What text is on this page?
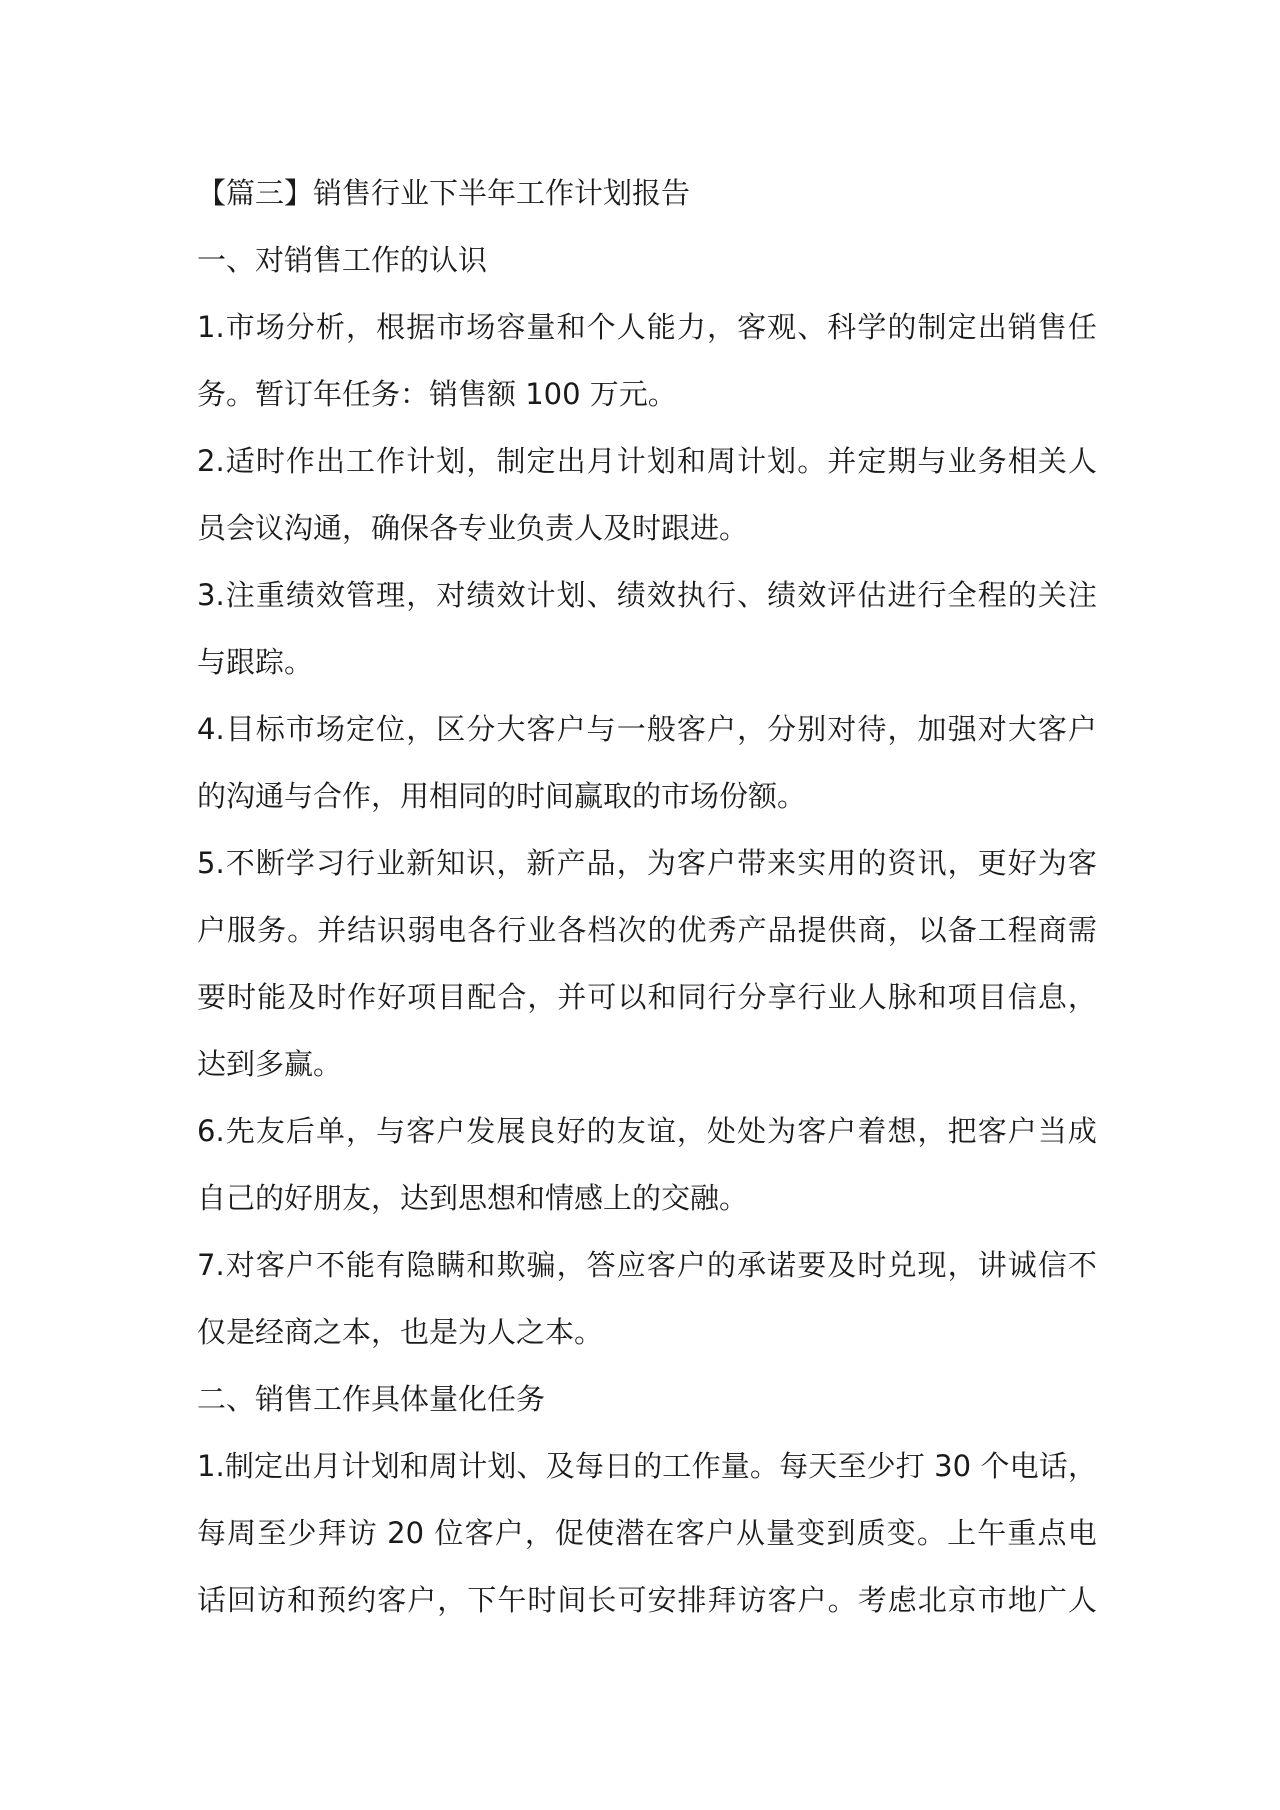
【篇三】销售行业下半年工作计划报告
一、对销售工作的认识
1. 市 场 分 析 ， 根 据 市 场 容 量 和 个 人 能 力 ， 客 观 、 科 学 的 制 定 出 销 售 任
务。暂订年任务：销售额 100 万元。
2. 适 时 作 出 工 作 计 划 ， 制 定 出 月 计 划 和 周 计 划 。 并 定 期 与 业 务 相 关 人
员会议沟通，确保各专业负责人及时跟进。
3. 注 重 绩 效 管 理 ， 对 绩 效 计 划 、 绩 效 执 行 、 绩 效 评 估 进 行 全 程 的 关 注
与跟踪。
4. 目 标 市 场 定 位 ， 区 分 大 客 户 与 一 般 客 户 ， 分 别 对 待 ， 加 强 对 大 客 户
的沟通与合作，用相同的时间赢取的市场份额。
5. 不 断 学 习 行 业 新 知 识 ， 新 产 品 ， 为 客 户 带 来 实 用 的 资 讯 ， 更 好 为 客
户 服 务 。 并 结 识 弱 电 各 行 业 各 档 次 的 优 秀 产 品 提 供 商 ， 以 备 工 程 商 需
要 时 能 及 时 作 好 项 目 配 合 ， 并 可 以 和 同 行 分 享 行 业 人 脉 和 项 目 信 息 ，
达到多赢。
6. 先 友 后 单 ， 与 客 户 发 展 良 好 的 友 谊 ， 处 处 为 客 户 着 想 ， 把 客 户 当 成
自己的好朋友，达到思想和情感上的交融。
7. 对 客 户 不 能 有 隐 瞒 和 欺 骗 ， 答 应 客 户 的 承 诺 要 及 时 兑 现 ， 讲 诚 信 不
仅是经商之本，也是为人之本。
二、销售工作具体量化任务
1. 制 定 出 月 计 划 和 周 计 划 、 及 每 日 的 工 作 量 。 每 天 至 少 打 30 个 电 话 ，
每 周 至 少 拜 访 20 位 客 户 ， 促 使 潜 在 客 户 从 量 变 到 质 变 。 上 午 重 点 电
话 回 访 和 预 约 客 户 ， 下 午 时 间 长 可 安 排 拜 访 客 户 。 考 虑 北 京 市 地 广 人
